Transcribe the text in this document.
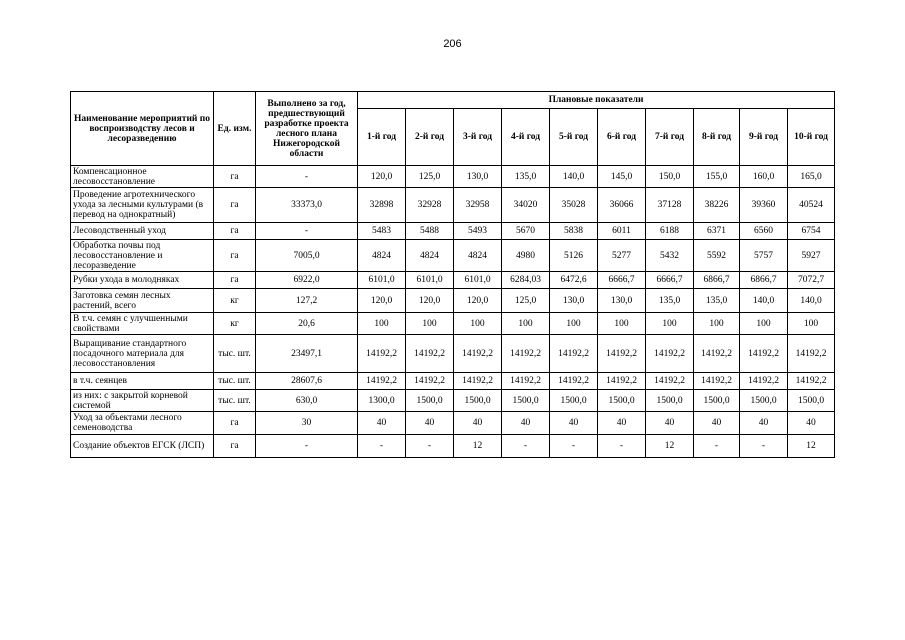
206
Наименование мероприятий по воспроизводству лесов и лесоразведению	Ед. изм.	Выполнено за год, предшествующий разработке проекта лесного плана Нижегородской области	Плановые показатели									
			1-й год	2-й год	3-й год	4-й год	5-й год	6-й год	7-й год	8-й год	9-й год	10-й год
Компенсационное лесовосстановление	га	-	120,0	125,0	130,0	135,0	140,0	145,0	150,0	155,0	160,0	165,0
Проведение агротехнического ухода за лесными культурами (в перевод на однократный)	га	33373,0	32898	32928	32958	34020	35028	36066	37128	38226	39360	40524
Лесоводственный уход	га	-	5483	5488	5493	5670	5838	6011	6188	6371	6560	6754
Обработка почвы под лесовосстановление и лесоразведение	га	7005,0	4824	4824	4824	4980	5126	5277	5432	5592	5757	5927
Рубки ухода в молодняках	га	6922,0	6101,0	6101,0	6101,0	6284,03	6472,6	6666,7	6666,7	6866,7	6866,7	7072,7
Заготовка семян лесных растений, всего	кг	127,2	120,0	120,0	120,0	125,0	130,0	130,0	135,0	135,0	140,0	140,0
В т.ч. семян с улучшенными свойствами	кг	20,6	100	100	100	100	100	100	100	100	100	100
Выращивание стандартного посадочного материала для лесовосстановления	тыс. шт.	23497,1	14192,2	14192,2	14192,2	14192,2	14192,2	14192,2	14192,2	14192,2	14192,2	14192,2
в т.ч. сеянцев	тыс. шт.	28607,6	14192,2	14192,2	14192,2	14192,2	14192,2	14192,2	14192,2	14192,2	14192,2	14192,2
из них: с закрытой корневой системой	тыс. шт.	630,0	1300,0	1500,0	1500,0	1500,0	1500,0	1500,0	1500,0	1500,0	1500,0	1500,0
Уход за объектами лесного семеноводства	га	30	40	40	40	40	40	40	40	40	40	40
Создание объектов ЕГСК (ЛСП)	га	-	-	-	12	-	-	-	12	-	-	12
